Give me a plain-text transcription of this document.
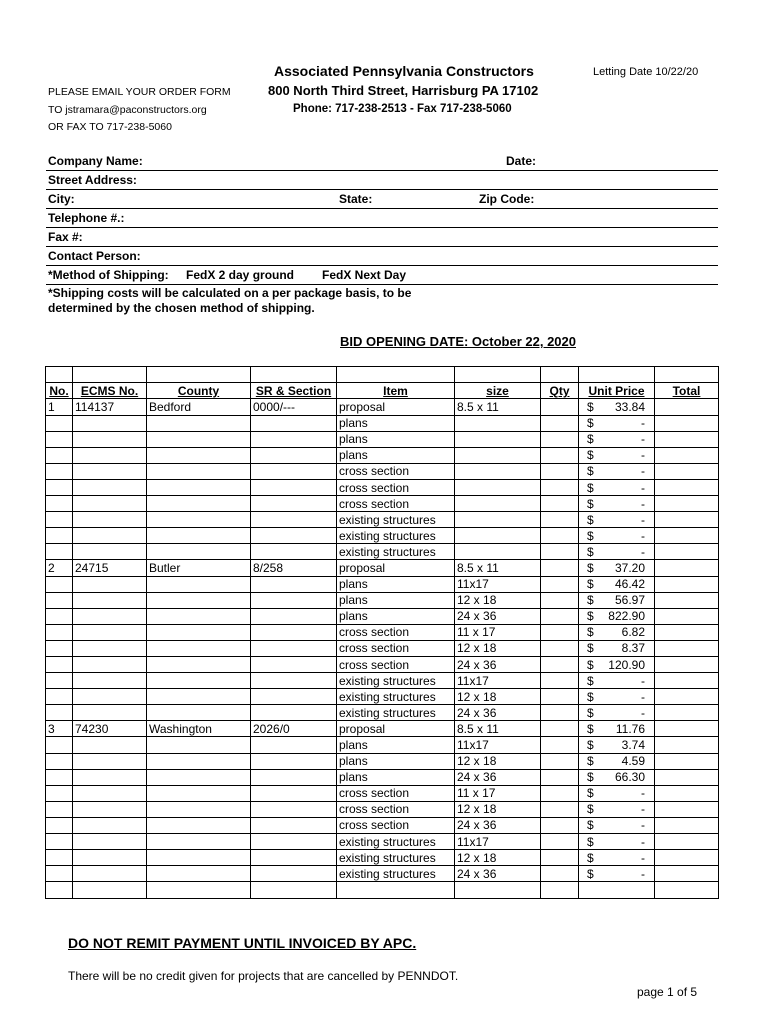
Associated Pennsylvania Constructors	Letting Date 10/22/20
800 North Third Street, Harrisburg PA 17102
Phone: 717-238-2513 - Fax 717-238-5060
PLEASE EMAIL YOUR ORDER FORM
TO jstramara@paconstructors.org
OR FAX TO 717-238-5060
Company Name:	Date:
Street Address:
City:	State:	Zip Code:
Telephone #.:
Fax #:
Contact Person:
*Method of Shipping: FedX 2 day ground FedX Next Day
*Shipping costs will be calculated on a per package basis, to be
determined by the chosen method of shipping.
BID OPENING DATE: October 22, 2020

No.	ECMS No.	County	SR & Section	Item	size	Qty	Unit Price	Total
1	114137	Bedford	0000/---	proposal	8.5 x 11		$ 33.84	

				plans			$ -	

				plans			$ -	

				plans			$ -	

				cross section			$ -	

				cross section			$ -	

				cross section			$ -	

				existing structures			$ -	

				existing structures			$ -	

				existing structures			$ -	

2	24715	Butler	8/258	proposal	8.5 x 11		$ 37.20	

				plans	11x17		$ 46.42	

				plans	12 x 18		$ 56.97	

				plans	24 x 36		$ 822.90	

				cross section	11 x 17		$ 6.82	

				cross section	12 x 18		$ 8.37	

				cross section	24 x 36		$ 120.90	

				existing structures	11x17		$ -	

				existing structures	12 x 18		$ -	

				existing structures	24 x 36		$ -	

3	74230	Washington	2026/0	proposal	8.5 x 11		$ 11.76	

				plans	11x17		$ 3.74	

				plans	12 x 18		$ 4.59	

				plans	24 x 36		$ 66.30	

				cross section	11 x 17		$ -	

				cross section	12 x 18		$ -	

				cross section	24 x 36		$ -	

				existing structures	11x17		$ -	

				existing structures	12 x 18		$ -	

				existing structures	24 x 36		$ -	

DO NOT REMIT PAYMENT UNTIL INVOICED BY APC.
There will be no credit given for projects that are cancelled by PENNDOT.
page 1 of 5
